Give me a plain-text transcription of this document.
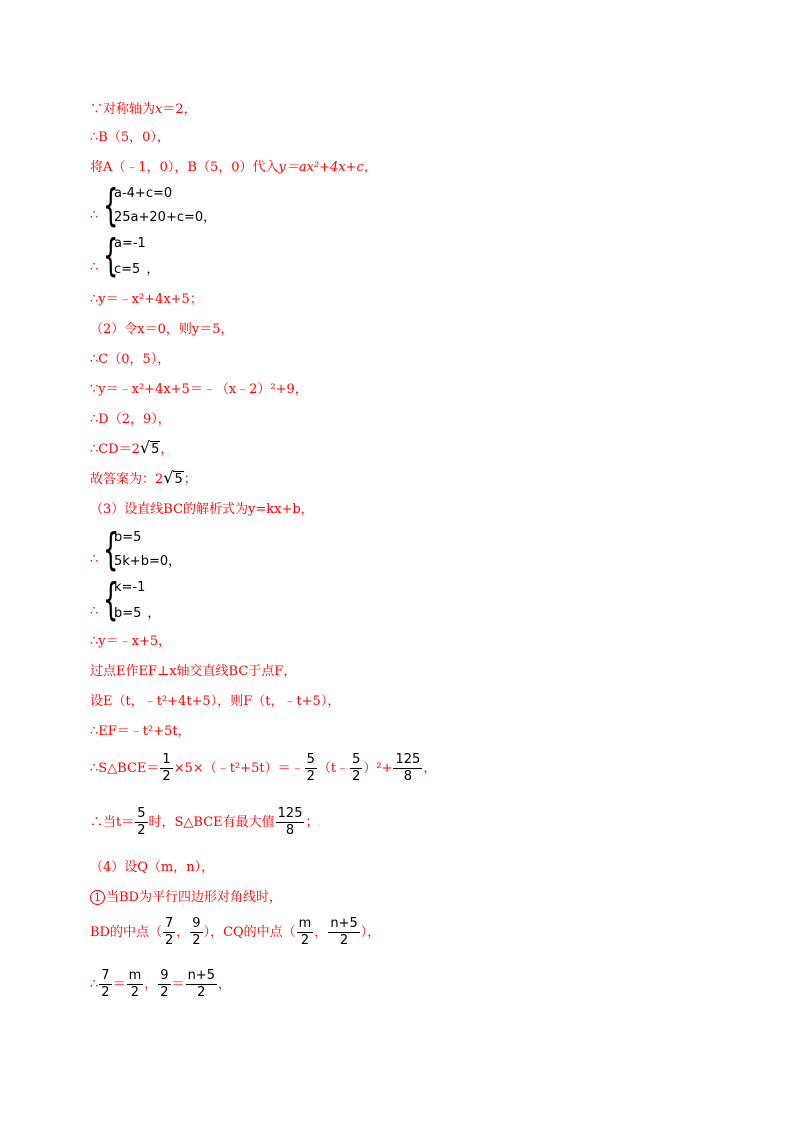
∵对称轴为x＝2，
∴B（5，0），
将A（﹣1，0），B（5，0）代入y＝ax²+4x+c，
{
a-4+c=0
25a+20+c=0，
∴
{
a=-1
c=5 ，
∴
∴y＝﹣x²+4x+5；
（2）令x＝0，则y＝5，
∴C（0，5），
∵y＝﹣x²+4x+5＝﹣（x﹣2）²+9，
∴D（2，9），
∴CD＝2√5，
故答案为：2√5；
（3）设直线BC的解析式为y=kx+b，
{
b=5
5k+b=0，
∴
{
k=-1
b=5 ，
∴
∴y＝﹣x+5，
过点E作EF⊥x轴交直线BC于点F，
设E（t，﹣t²+4t+5），则F（t，﹣t+5），
∴EF＝﹣t²+5t，
∴S△BCE＝ $\frac{1}{2}$ ×5×（﹣t²+5t）＝﹣ $\frac{5}{2}$ （t﹣ $\frac{5}{2} )^2+ \frac{125}{8}$ ，
∴当$t= \frac{5}{2}$ 时，S△BCE有最大值 $\frac{125}{8}$ ；
（4）设Q（m，n），
1 当BD为平行四边形对角线时，
BD的中点（ $\frac{7}{2}$ ， $\frac{9}{2}$ ），CQ的中点（ $\frac{m}{2}$ ， $\frac{n+5}{2}$ ），
∴ $\frac{7}{2} = \frac{m}{2}$ ， $\frac{9}{2} = \frac{n+5}{2}$ ，
